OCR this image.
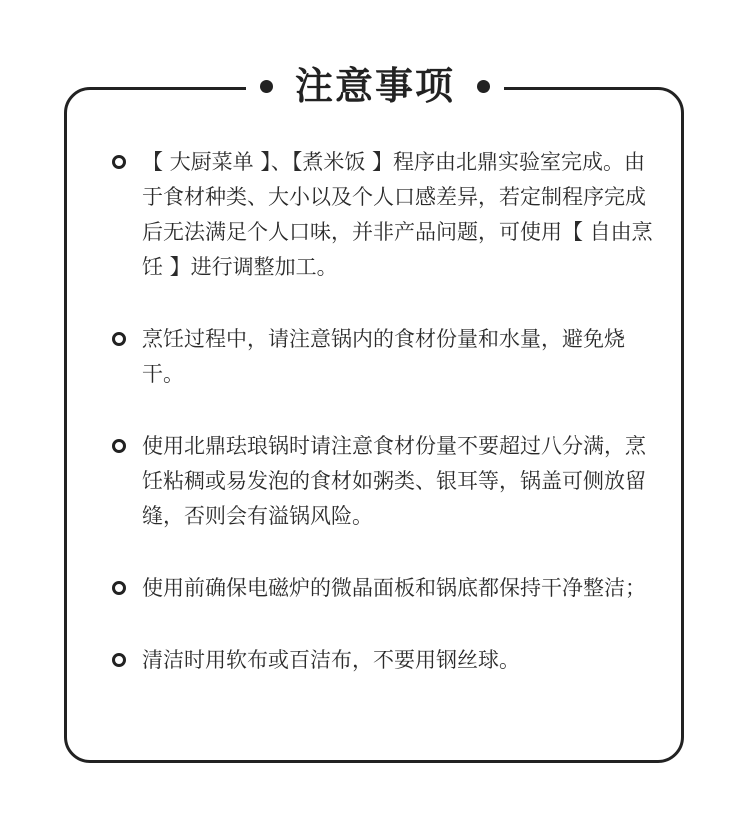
注意事项
【 大厨菜单 】、【煮米饭 】程序由北鼎实验室完成。由于食材种类、大小以及个人口感差异，若定制程序完成后无法满足个人口味，并非产品问题，可使用【 自由烹饪 】进行调整加工。
烹饪过程中，请注意锅内的食材份量和水量，避免烧干。
使用北鼎珐琅锅时请注意食材份量不要超过八分满，烹饪粘稠或易发泡的食材如粥类、银耳等，锅盖可侧放留缝，否则会有溢锅风险。
使用前确保电磁炉的微晶面板和锅底都保持干净整洁；
清洁时用软布或百洁布，不要用钢丝球。
